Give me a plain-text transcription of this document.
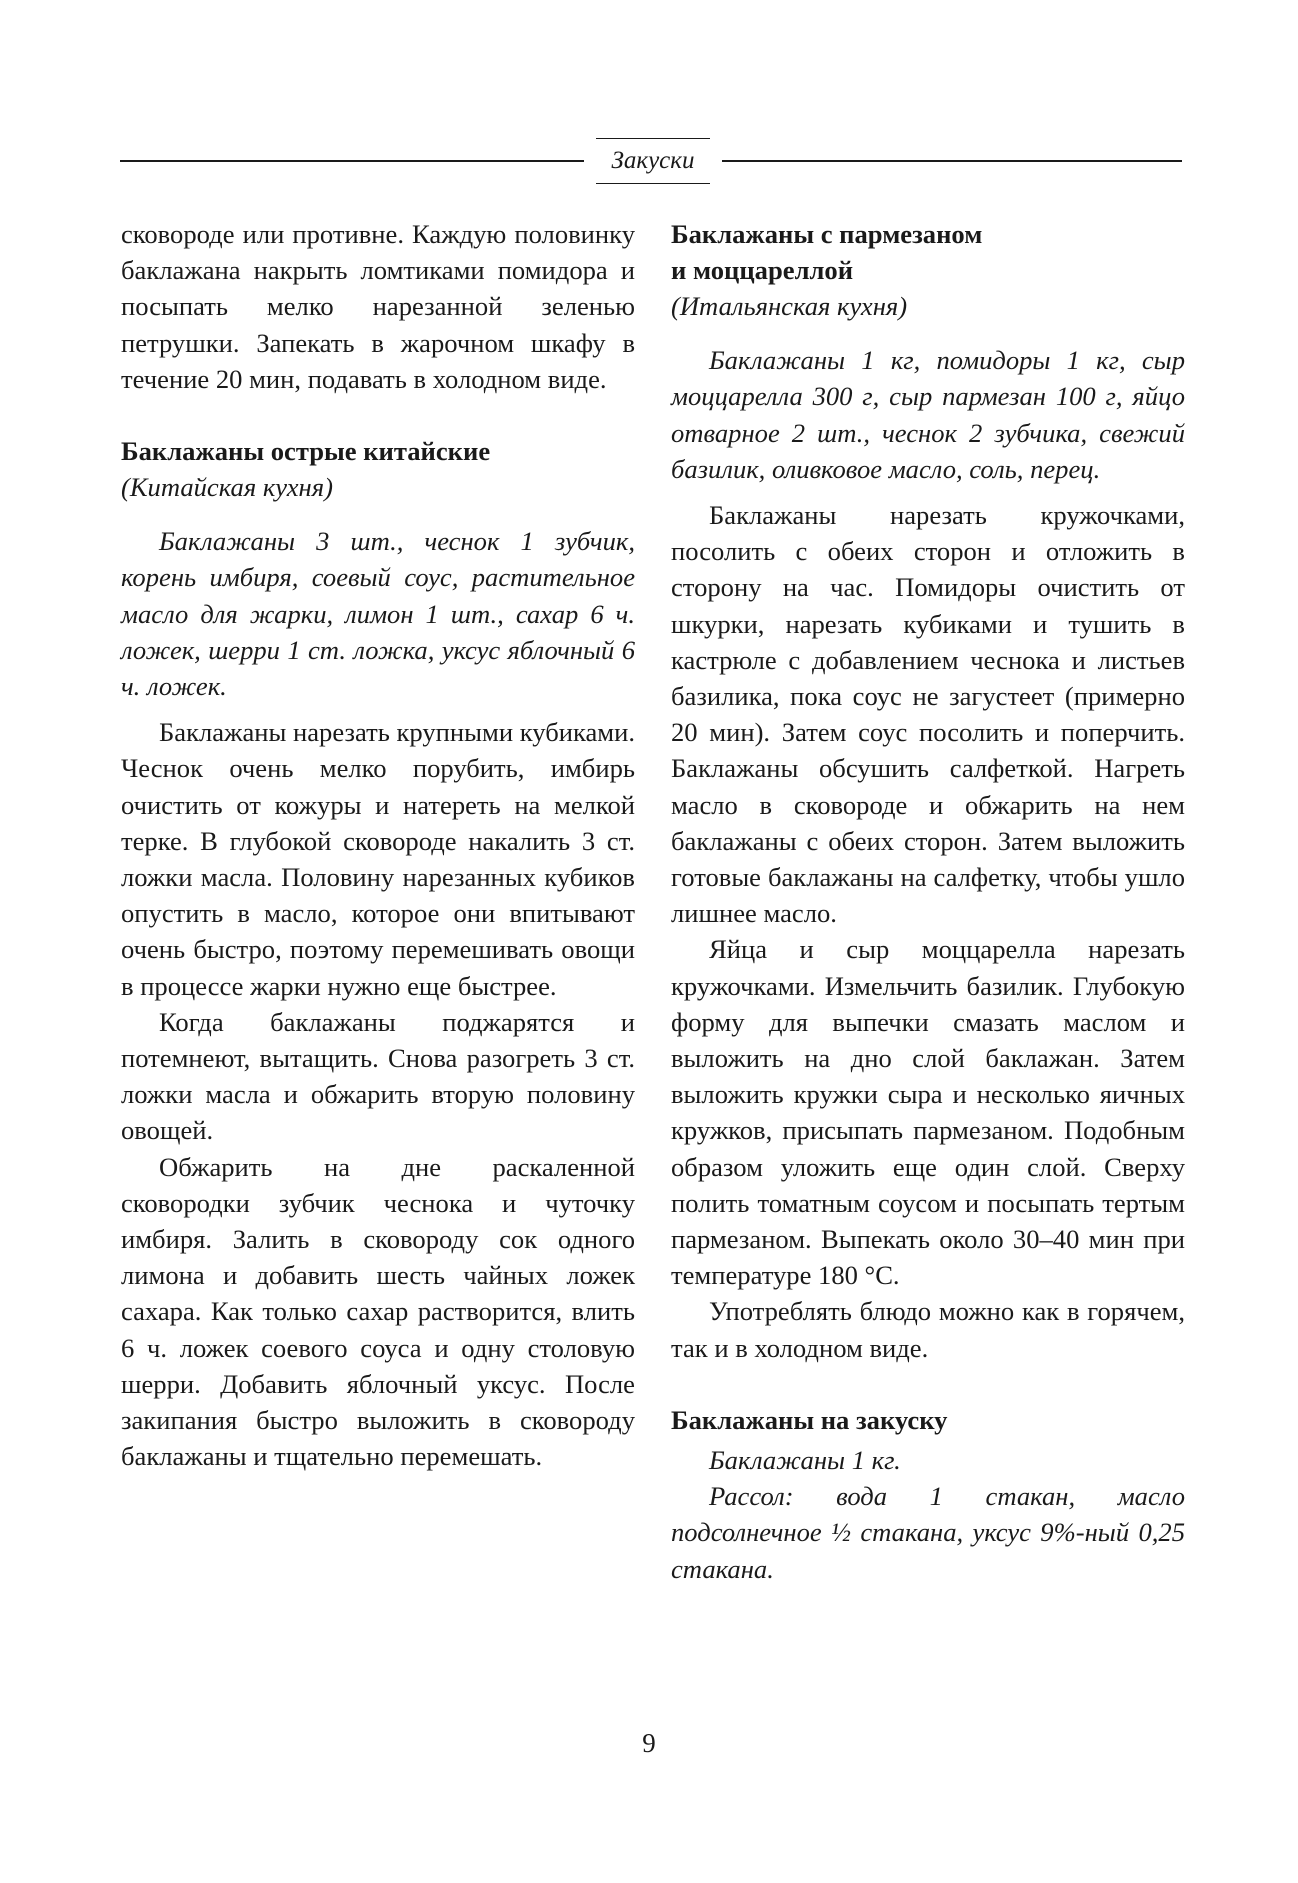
Закуски

сковороде или противне. Каждую половинку баклажана накрыть ломтиками помидора и посыпать мелко нарезанной зеленью петрушки. Запекать в жарочном шкафу в течение 20 мин, подавать в холодном виде.

Баклажаны острые китайские

(Китайская кухня)

Баклажаны 3 шт., чеснок 1 зубчик, корень имбиря, соевый соус, растительное масло для жарки, лимон 1 шт., сахар 6 ч. ложек, шерри 1 ст. ложка, уксус яблочный 6 ч. ложек.

Баклажаны нарезать крупными кубиками. Чеснок очень мелко порубить, имбирь очистить от кожуры и натереть на мелкой терке. В глубокой сковороде накалить 3 ст. ложки масла. Половину нарезанных кубиков опустить в масло, которое они впитывают очень быстро, поэтому перемешивать овощи в процессе жарки нужно еще быстрее.

Когда баклажаны поджарятся и потемнеют, вытащить. Снова разогреть 3 ст. ложки масла и обжарить вторую половину овощей.

Обжарить на дне раскаленной сковородки зубчик чеснока и чуточку имбиря. Залить в сковороду сок одного лимона и добавить шесть чайных ложек сахара. Как только сахар растворится, влить 6 ч. ложек соевого соуса и одну столовую шерри. Добавить яблочный уксус. После закипания быстро выложить в сковороду баклажаны и тщательно перемешать.

Баклажаны с пармезаном

и моццареллой

(Итальянская кухня)

Баклажаны 1 кг, помидоры 1 кг, сыр моццарелла 300 г, сыр пармезан 100 г, яйцо отварное 2 шт., чеснок 2 зубчика, свежий базилик, оливковое масло, соль, перец.

Баклажаны нарезать кружочками, посолить с обеих сторон и отложить в сторону на час. Помидоры очистить от шкурки, нарезать кубиками и тушить в кастрюле с добавлением чеснока и листьев базилика, пока соус не загустеет (примерно 20 мин). Затем соус посолить и поперчить. Баклажаны обсушить салфеткой. Нагреть масло в сковороде и обжарить на нем баклажаны с обеих сторон. Затем выложить готовые баклажаны на салфетку, чтобы ушло лишнее масло.

Яйца и сыр моццарелла нарезать кружочками. Измельчить базилик. Глубокую форму для выпечки смазать маслом и выложить на дно слой баклажан. Затем выложить кружки сыра и несколько яичных кружков, присыпать пармезаном. Подобным образом уложить еще один слой. Сверху полить томатным соусом и посыпать тертым пармезаном. Выпекать около 30–40 мин при температуре 180 °С.

Употреблять блюдо можно как в горячем, так и в холодном виде.

Баклажаны на закуску

Баклажаны 1 кг.

Рассол: вода 1 стакан, масло подсолнечное ½ стакана, уксус 9%-ный 0,25 стакана.

9
